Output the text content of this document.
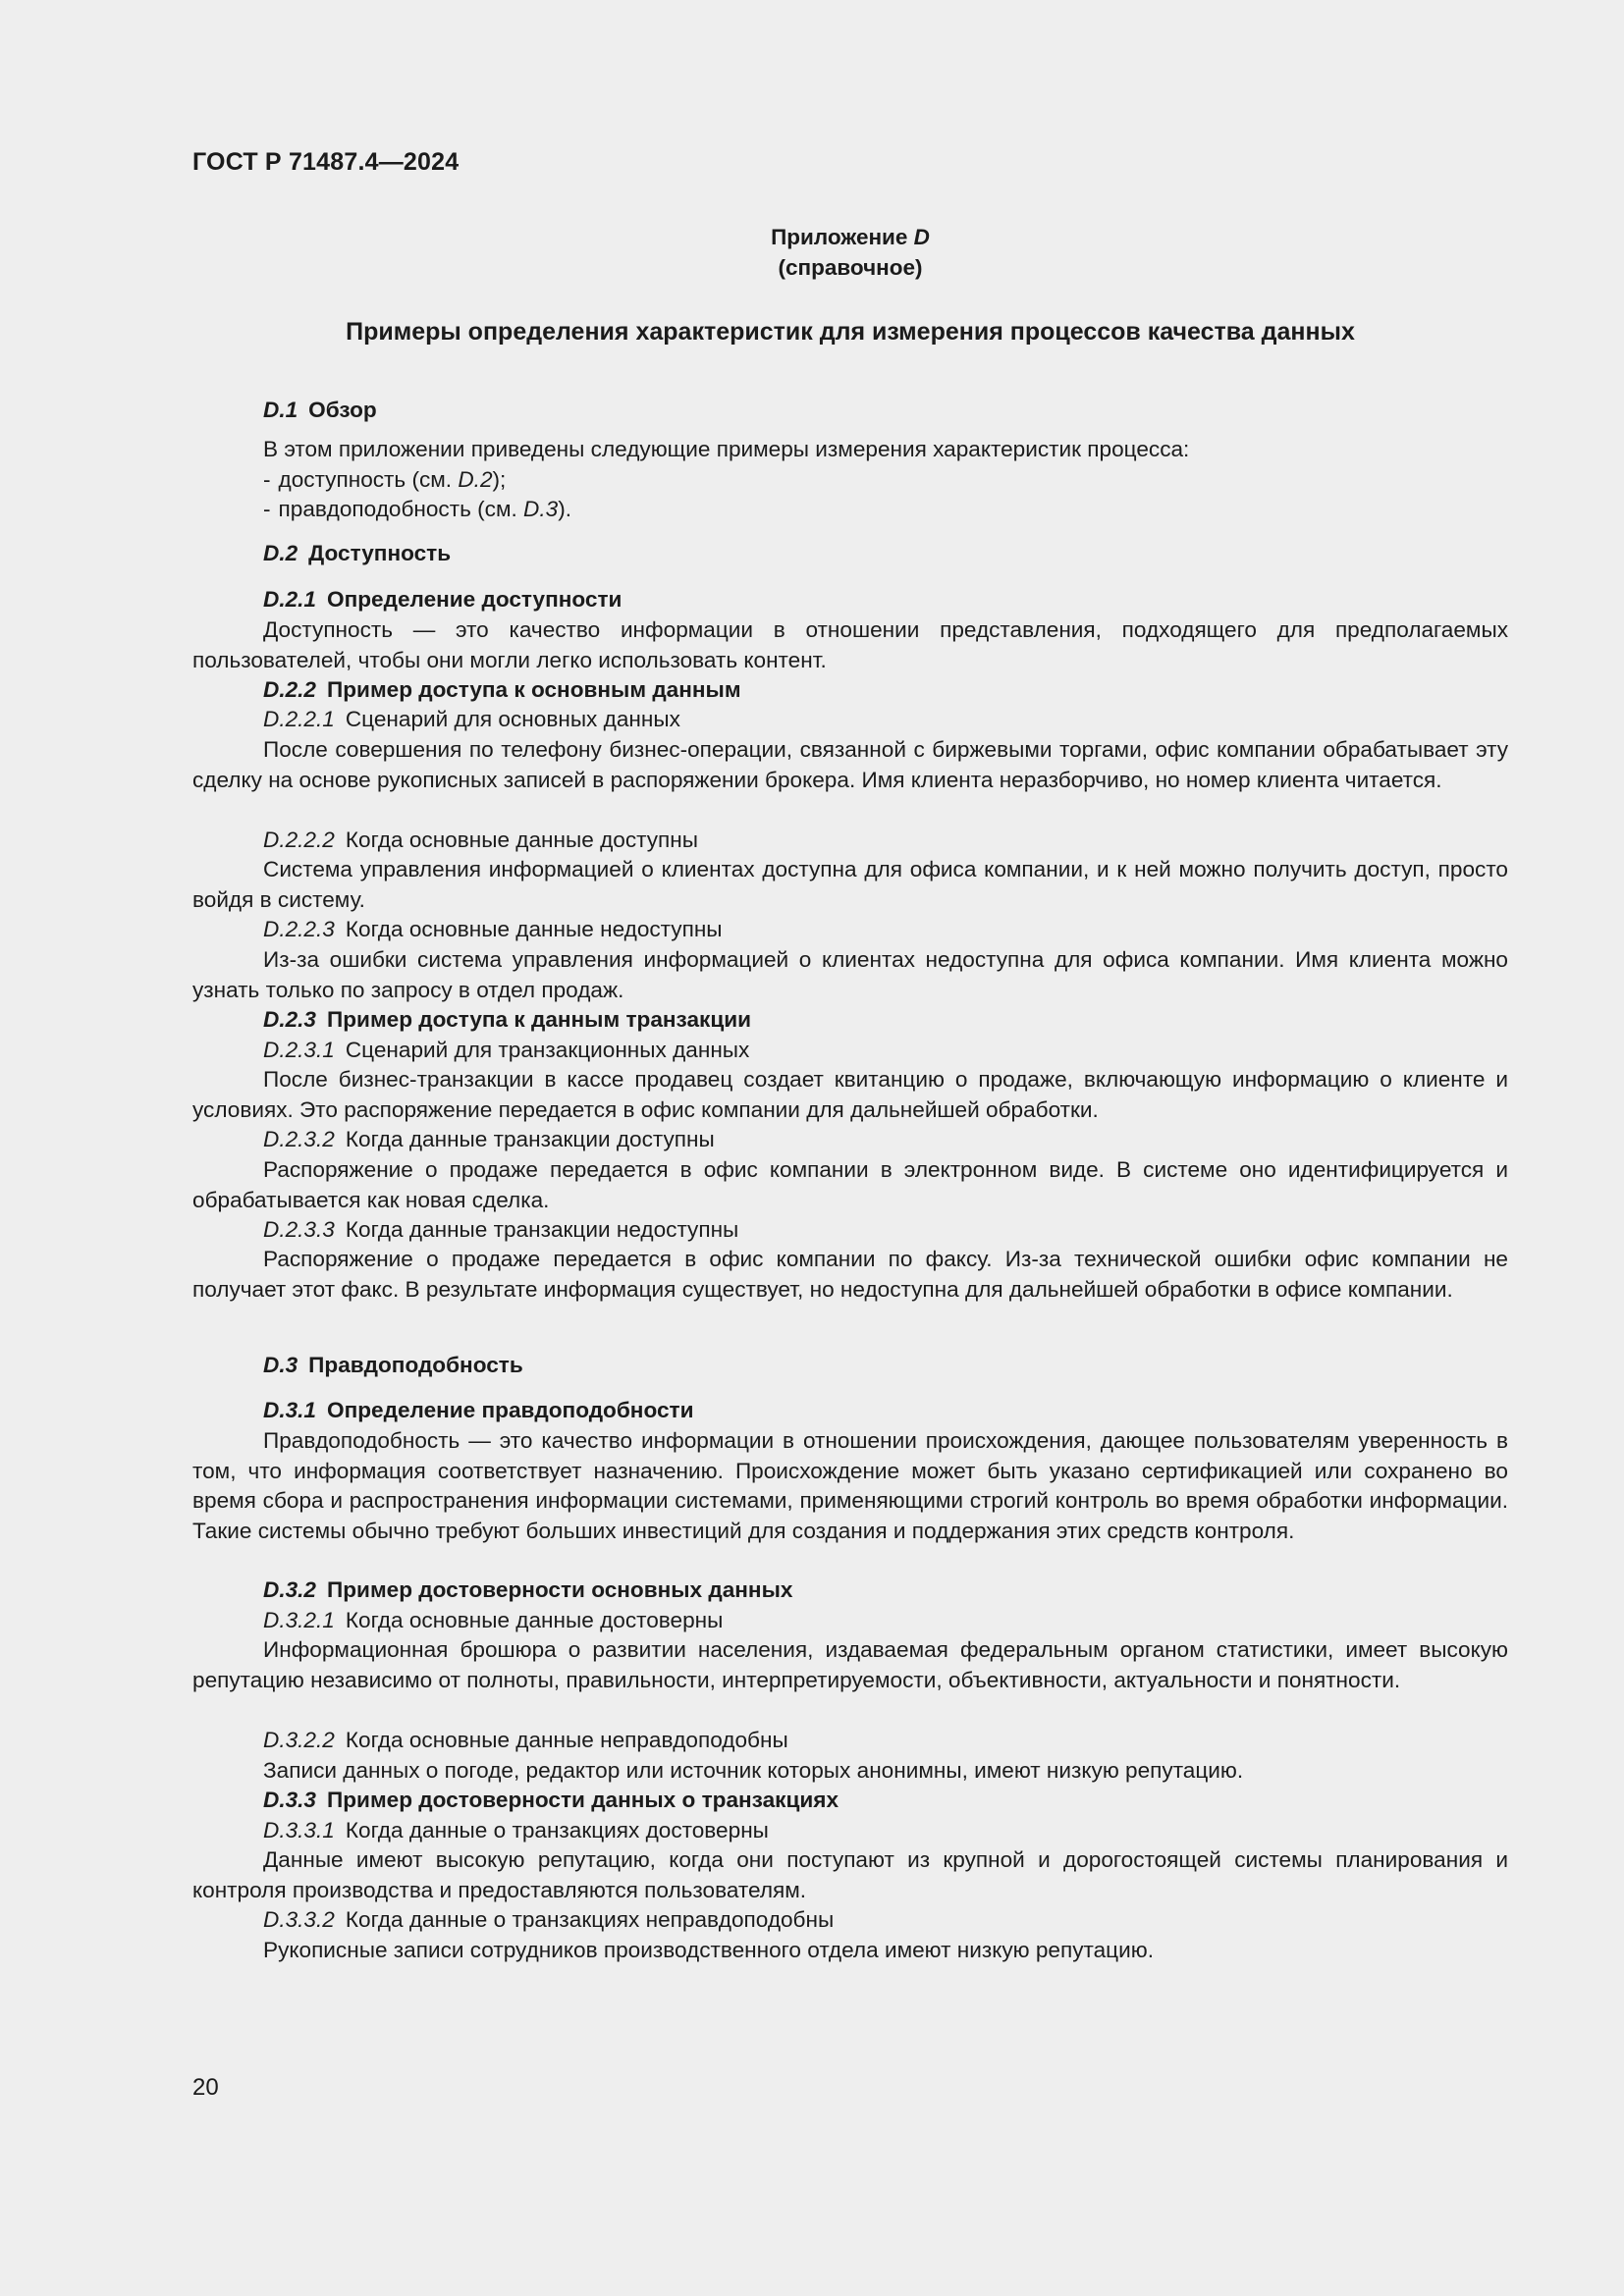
ГОСТ Р 71487.4—2024
Приложение D
(справочное)
Примеры определения характеристик для измерения процессов качества данных
D.1 Обзор
В этом приложении приведены следующие примеры измерения характеристик процесса:
- доступность (см. D.2);
- правдоподобность (см. D.3).
D.2 Доступность
D.2.1 Определение доступности
Доступность — это качество информации в отношении представления, подходящего для предполагаемых пользователей, чтобы они могли легко использовать контент.
D.2.2 Пример доступа к основным данным
D.2.2.1 Сценарий для основных данных
После совершения по телефону бизнес-операции, связанной с биржевыми торгами, офис компании обрабатывает эту сделку на основе рукописных записей в распоряжении брокера. Имя клиента неразборчиво, но номер клиента читается.
D.2.2.2 Когда основные данные доступны
Система управления информацией о клиентах доступна для офиса компании, и к ней можно получить доступ, просто войдя в систему.
D.2.2.3 Когда основные данные недоступны
Из-за ошибки система управления информацией о клиентах недоступна для офиса компании. Имя клиента можно узнать только по запросу в отдел продаж.
D.2.3 Пример доступа к данным транзакции
D.2.3.1 Сценарий для транзакционных данных
После бизнес-транзакции в кассе продавец создает квитанцию о продаже, включающую информацию о клиенте и условиях. Это распоряжение передается в офис компании для дальнейшей обработки.
D.2.3.2 Когда данные транзакции доступны
Распоряжение о продаже передается в офис компании в электронном виде. В системе оно идентифицируется и обрабатывается как новая сделка.
D.2.3.3 Когда данные транзакции недоступны
Распоряжение о продаже передается в офис компании по факсу. Из-за технической ошибки офис компании не получает этот факс. В результате информация существует, но недоступна для дальнейшей обработки в офисе компании.
D.3 Правдоподобность
D.3.1 Определение правдоподобности
Правдоподобность — это качество информации в отношении происхождения, дающее пользователям уверенность в том, что информация соответствует назначению. Происхождение может быть указано сертификацией или сохранено во время сбора и распространения информации системами, применяющими строгий контроль во время обработки информации. Такие системы обычно требуют больших инвестиций для создания и поддержания этих средств контроля.
D.3.2 Пример достоверности основных данных
D.3.2.1 Когда основные данные достоверны
Информационная брошюра о развитии населения, издаваемая федеральным органом статистики, имеет высокую репутацию независимо от полноты, правильности, интерпретируемости, объективности, актуальности и понятности.
D.3.2.2 Когда основные данные неправдоподобны
Записи данных о погоде, редактор или источник которых анонимны, имеют низкую репутацию.
D.3.3 Пример достоверности данных о транзакциях
D.3.3.1 Когда данные о транзакциях достоверны
Данные имеют высокую репутацию, когда они поступают из крупной и дорогостоящей системы планирования и контроля производства и предоставляются пользователям.
D.3.3.2 Когда данные о транзакциях неправдоподобны
Рукописные записи сотрудников производственного отдела имеют низкую репутацию.
20
